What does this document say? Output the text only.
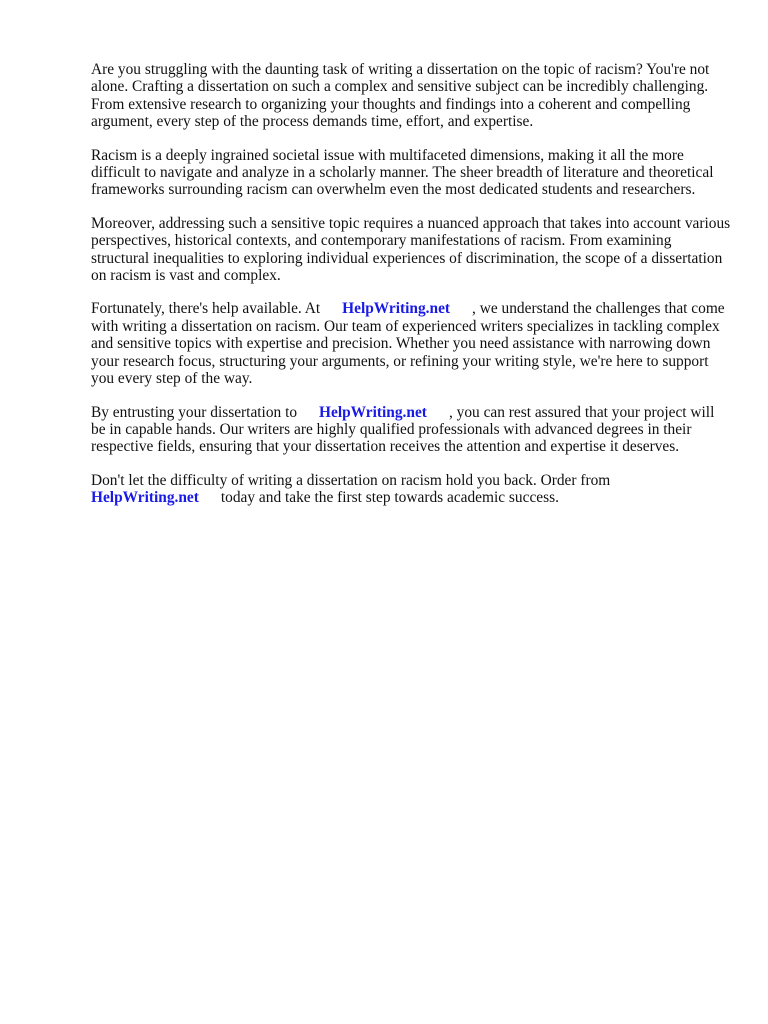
Are you struggling with the daunting task of writing a dissertation on the topic of racism? You're not alone. Crafting a dissertation on such a complex and sensitive subject can be incredibly challenging. From extensive research to organizing your thoughts and findings into a coherent and compelling argument, every step of the process demands time, effort, and expertise.

Racism is a deeply ingrained societal issue with multifaceted dimensions, making it all the more difficult to navigate and analyze in a scholarly manner. The sheer breadth of literature and theoretical frameworks surrounding racism can overwhelm even the most dedicated students and researchers.

Moreover, addressing such a sensitive topic requires a nuanced approach that takes into account various perspectives, historical contexts, and contemporary manifestations of racism. From examining structural inequalities to exploring individual experiences of discrimination, the scope of a dissertation on racism is vast and complex.

Fortunately, there's help available. At HelpWriting.net , we understand the challenges that come with writing a dissertation on racism. Our team of experienced writers specializes in tackling complex and sensitive topics with expertise and precision. Whether you need assistance with narrowing down your research focus, structuring your arguments, or refining your writing style, we're here to support you every step of the way.

By entrusting your dissertation to HelpWriting.net , you can rest assured that your project will be in capable hands. Our writers are highly qualified professionals with advanced degrees in their respective fields, ensuring that your dissertation receives the attention and expertise it deserves.

Don't let the difficulty of writing a dissertation on racism hold you back. Order from
HelpWriting.net today and take the first step towards academic success.
